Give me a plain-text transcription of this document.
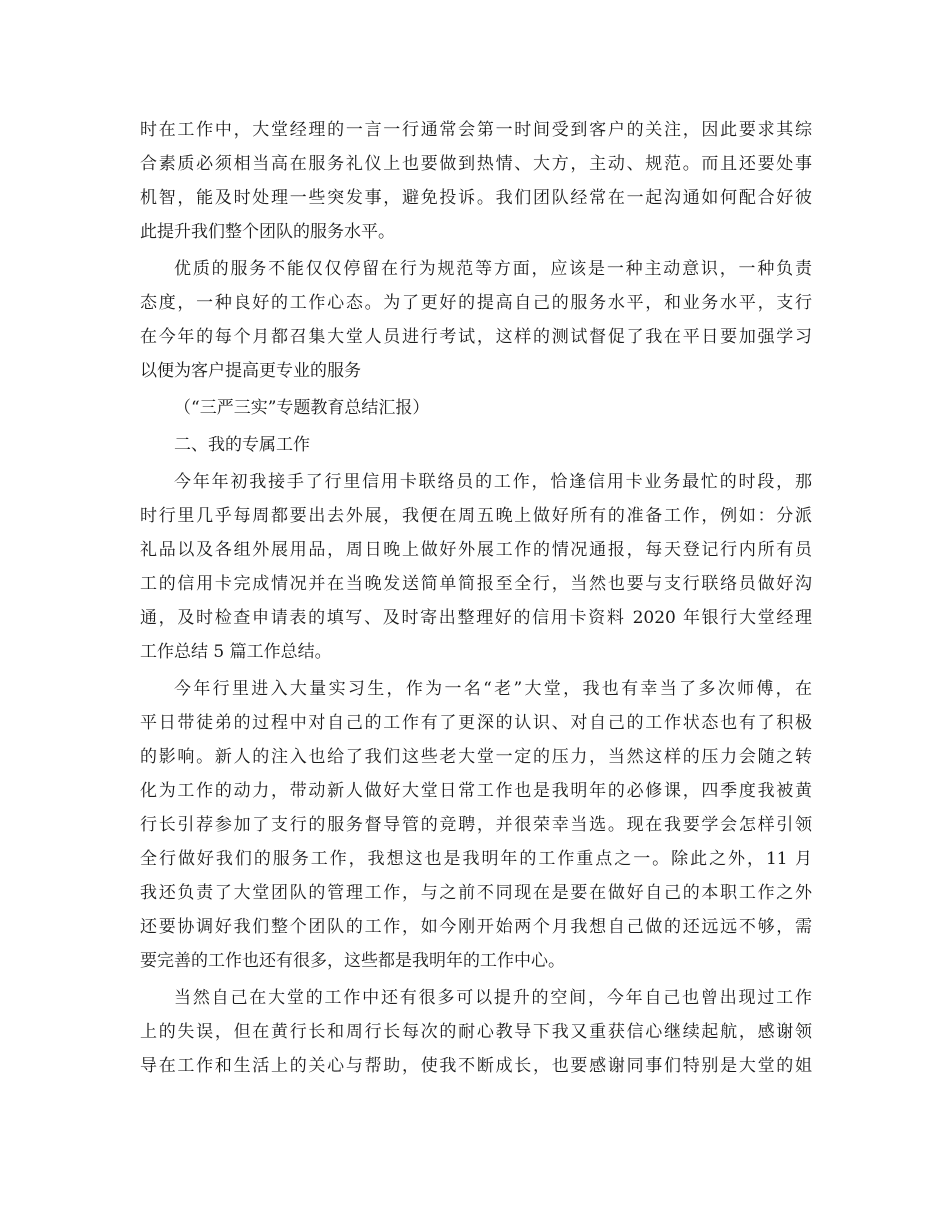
时在工作中，大堂经理的一言一行通常会第一时间受到客户的关注，因此要求其综
合素质必须相当高在服务礼仪上也要做到热情、大方，主动、规范。而且还要处事
机智，能及时处理一些突发事，避免投诉。我们团队经常在一起沟通如何配合好彼
此提升我们整个团队的服务水平。
优质的服务不能仅仅停留在行为规范等方面，应该是一种主动意识，一种负责
态度，一种良好的工作心态。为了更好的提高自己的服务水平，和业务水平，支行
在今年的每个月都召集大堂人员进行考试，这样的测试督促了我在平日要加强学习
以便为客户提高更专业的服务
（“三严三实”专题教育总结汇报）
二、我的专属工作
今年年初我接手了行里信用卡联络员的工作，恰逢信用卡业务最忙的时段，那
时行里几乎每周都要出去外展，我便在周五晚上做好所有的准备工作，例如：分派
礼品以及各组外展用品，周日晚上做好外展工作的情况通报，每天登记行内所有员
工的信用卡完成情况并在当晚发送简单简报至全行，当然也要与支行联络员做好沟
通，及时检查申请表的填写、及时寄出整理好的信用卡资料 2020 年银行大堂经理
工作总结 5 篇工作总结。
今年行里进入大量实习生，作为一名“老”大堂，我也有幸当了多次师傅，在
平日带徒弟的过程中对自己的工作有了更深的认识、对自己的工作状态也有了积极
的影响。新人的注入也给了我们这些老大堂一定的压力，当然这样的压力会随之转
化为工作的动力，带动新人做好大堂日常工作也是我明年的必修课，四季度我被黄
行长引荐参加了支行的服务督导管的竞聘，并很荣幸当选。现在我要学会怎样引领
全行做好我们的服务工作，我想这也是我明年的工作重点之一。除此之外，11 月
我还负责了大堂团队的管理工作，与之前不同现在是要在做好自己的本职工作之外
还要协调好我们整个团队的工作，如今刚开始两个月我想自己做的还远远不够，需
要完善的工作也还有很多，这些都是我明年的工作中心。
当然自己在大堂的工作中还有很多可以提升的空间，今年自己也曾出现过工作
上的失误，但在黄行长和周行长每次的耐心教导下我又重获信心继续起航，感谢领
导在工作和生活上的关心与帮助，使我不断成长，也要感谢同事们特别是大堂的姐
